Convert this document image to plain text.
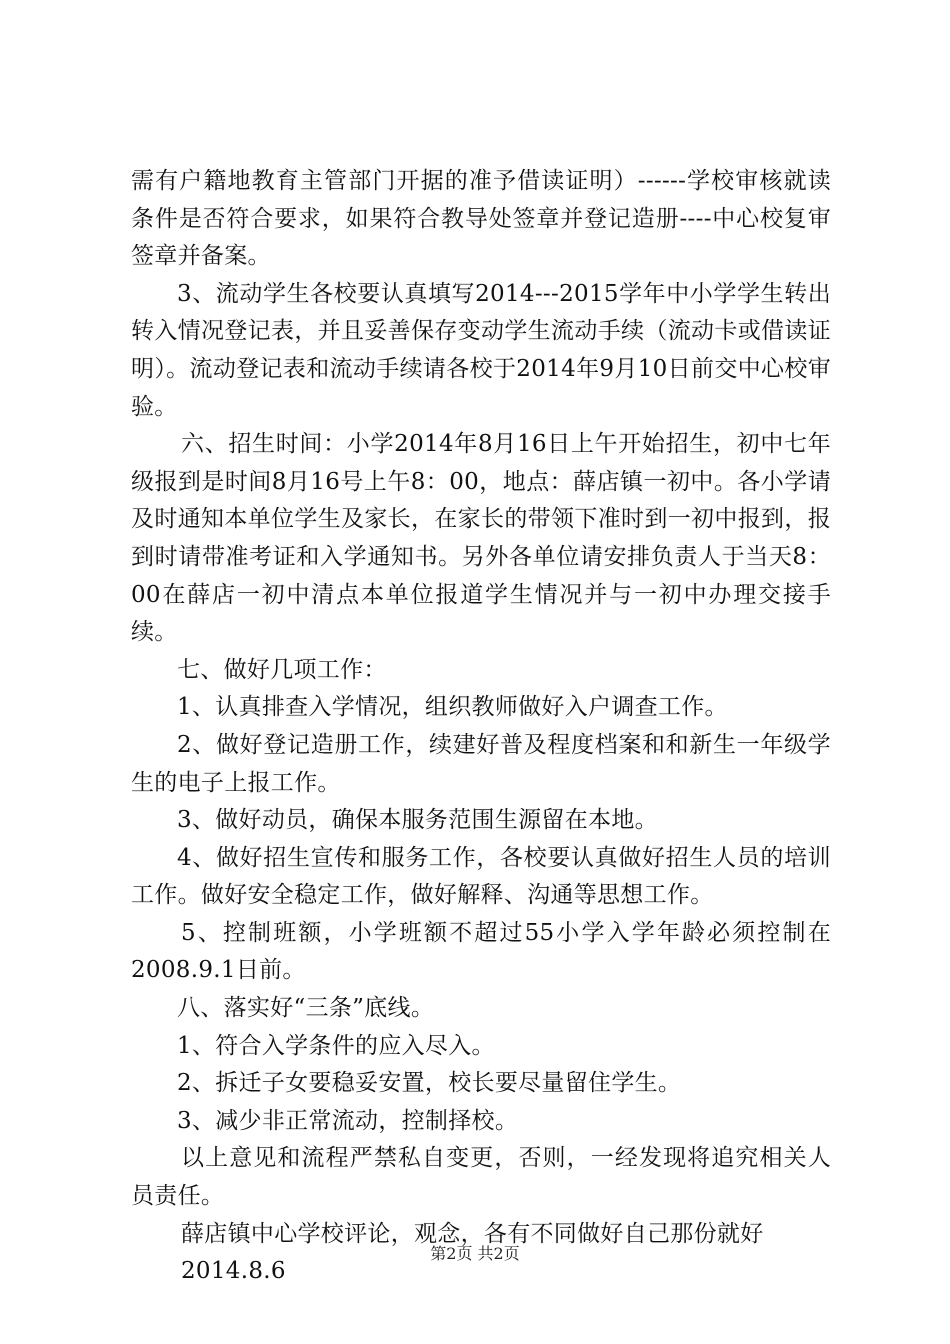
需有户籍地教育主管部门开据的准予借读证明）------学校审核就读条件是否符合要求，如果符合教导处签章并登记造册----中心校复审签章并备案。

3、流动学生各校要认真填写2014---2015学年中小学学生转出转入情况登记表，并且妥善保存变动学生流动手续（流动卡或借读证明）。流动登记表和流动手续请各校于2014年9月10日前交中心校审验。

六、招生时间：小学2014年8月16日上午开始招生，初中七年级报到是时间8月16号上午8：00，地点：薛店镇一初中。各小学请及时通知本单位学生及家长，在家长的带领下准时到一初中报到，报到时请带准考证和入学通知书。另外各单位请安排负责人于当天8：00在薛店一初中清点本单位报道学生情况并与一初中办理交接手续。

七、做好几项工作：

1、认真排查入学情况，组织教师做好入户调查工作。

2、做好登记造册工作，续建好普及程度档案和和新生一年级学生的电子上报工作。

3、做好动员，确保本服务范围生源留在本地。

4、做好招生宣传和服务工作，各校要认真做好招生人员的培训工作。做好安全稳定工作，做好解释、沟通等思想工作。

5、控制班额，小学班额不超过55小学入学年龄必须控制在2008.9.1日前。

八、落实好“三条”底线。

1、符合入学条件的应入尽入。

2、拆迁子女要稳妥安置，校长要尽量留住学生。

3、减少非正常流动，控制择校。

以上意见和流程严禁私自变更，否则，一经发现将追究相关人员责任。

薛店镇中心学校评论，观念，各有不同做好自己那份就好

2014.8.6

第2页 共2页
